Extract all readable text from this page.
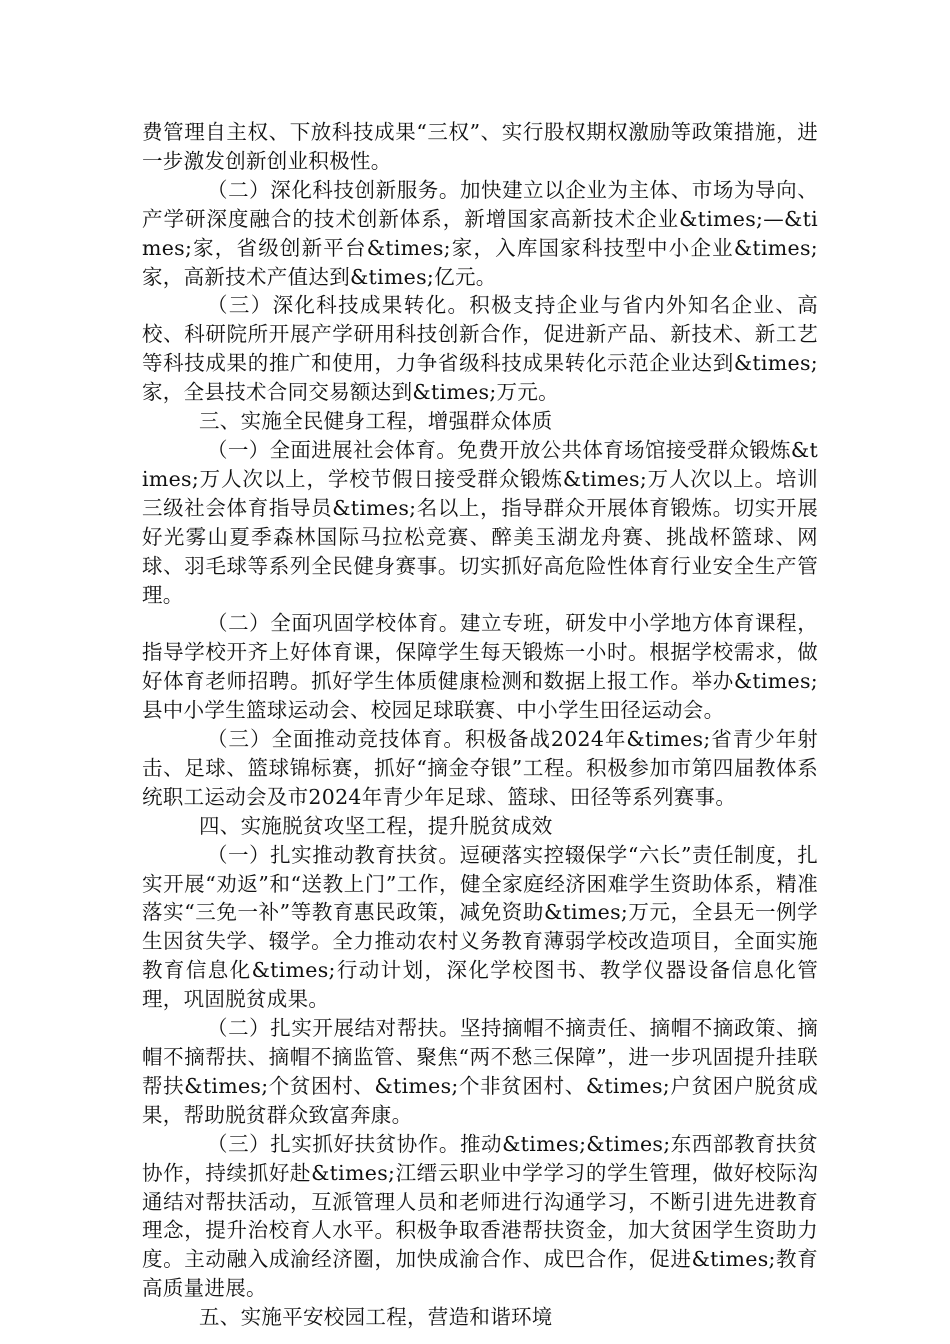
费管理自主权、下放科技成果“三权”、实行股权期权激励等政策措施，进一步激发创新创业积极性。

（二）深化科技创新服务。加快建立以企业为主体、市场为导向、产学研深度融合的技术创新体系，新增国家高新技术企业&times;—&times;家，省级创新平台&times;家，入库国家科技型中小企业&times;家，高新技术产值达到&times;亿元。

（三）深化科技成果转化。积极支持企业与省内外知名企业、高校、科研院所开展产学研用科技创新合作，促进新产品、新技术、新工艺等科技成果的推广和使用，力争省级科技成果转化示范企业达到&times;家，全县技术合同交易额达到&times;万元。

三、实施全民健身工程，增强群众体质

（一）全面进展社会体育。免费开放公共体育场馆接受群众锻炼&times;万人次以上，学校节假日接受群众锻炼&times;万人次以上。培训三级社会体育指导员&times;名以上，指导群众开展体育锻炼。切实开展好光雾山夏季森林国际马拉松竞赛、醉美玉湖龙舟赛、挑战杯篮球、网球、羽毛球等系列全民健身赛事。切实抓好高危险性体育行业安全生产管理。

（二）全面巩固学校体育。建立专班，研发中小学地方体育课程，指导学校开齐上好体育课，保障学生每天锻炼一小时。根据学校需求，做好体育老师招聘。抓好学生体质健康检测和数据上报工作。举办&times;县中小学生篮球运动会、校园足球联赛、中小学生田径运动会。

（三）全面推动竞技体育。积极备战2024年&times;省青少年射击、足球、篮球锦标赛，抓好“摘金夺银”工程。积极参加市第四届教体系统职工运动会及市2024年青少年足球、篮球、田径等系列赛事。

四、实施脱贫攻坚工程，提升脱贫成效

（一）扎实推动教育扶贫。逗硬落实控辍保学“六长”责任制度，扎实开展“劝返”和“送教上门”工作，健全家庭经济困难学生资助体系，精准落实“三免一补”等教育惠民政策，减免资助&times;万元，全县无一例学生因贫失学、辍学。全力推动农村义务教育薄弱学校改造项目，全面实施教育信息化&times;行动计划，深化学校图书、教学仪器设备信息化管理，巩固脱贫成果。

（二）扎实开展结对帮扶。坚持摘帽不摘责任、摘帽不摘政策、摘帽不摘帮扶、摘帽不摘监管、聚焦“两不愁三保障”，进一步巩固提升挂联帮扶&times;个贫困村、&times;个非贫困村、&times;户贫困户脱贫成果，帮助脱贫群众致富奔康。

（三）扎实抓好扶贫协作。推动&times;&times;东西部教育扶贫协作，持续抓好赴&times;江缙云职业中学学习的学生管理，做好校际沟通结对帮扶活动，互派管理人员和老师进行沟通学习，不断引进先进教育理念，提升治校育人水平。积极争取香港帮扶资金，加大贫困学生资助力度。主动融入成渝经济圈，加快成渝合作、成巴合作，促进&times;教育高质量进展。

五、实施平安校园工程，营造和谐环境
